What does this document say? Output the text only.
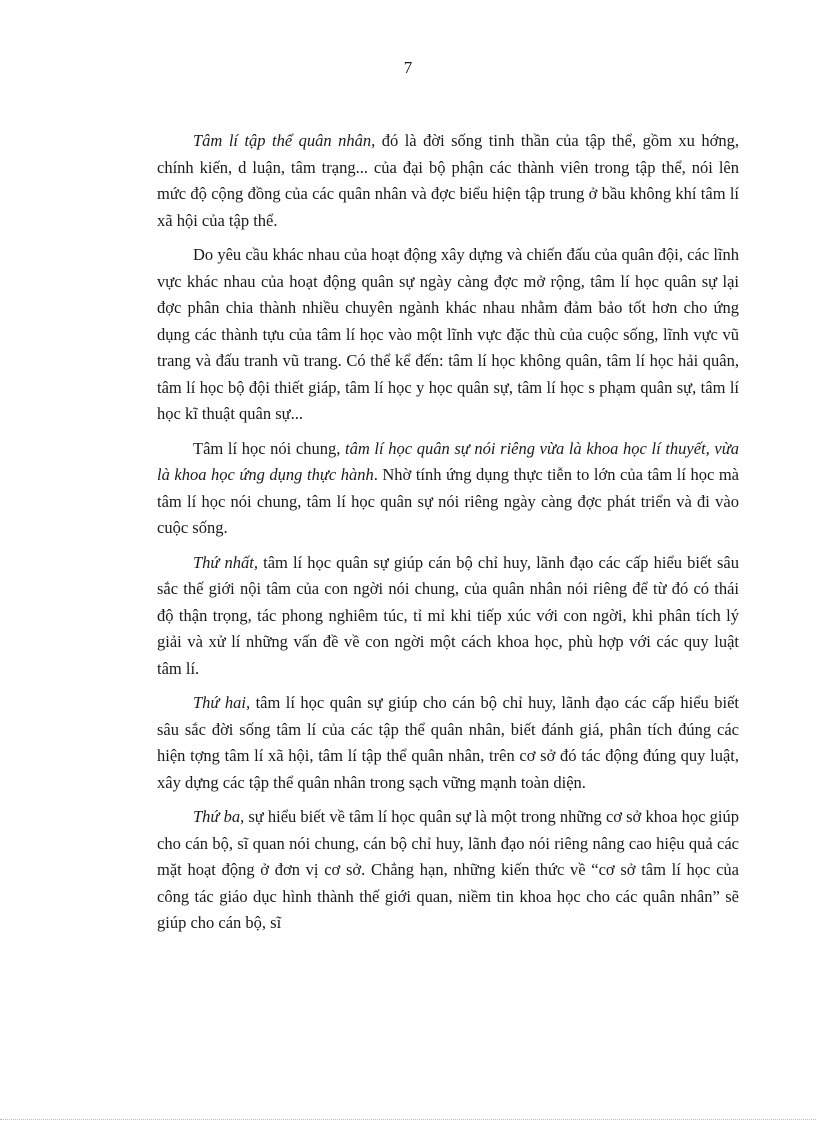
7

Tâm lí tập thể quân nhân, đó là đời sống tinh thần của tập thể, gồm xu hớng, chính kiến, d luận, tâm trạng... của đại bộ phận các thành viên trong tập thể, nói lên mức độ cộng đồng của các quân nhân và đợc biểu hiện tập trung ở bầu không khí tâm lí xã hội của tập thể.

Do yêu cầu khác nhau của hoạt động xây dựng và chiến đấu của quân đội, các lĩnh vực khác nhau của hoạt động quân sự ngày càng đợc mở rộng, tâm lí học quân sự lại đợc phân chia thành nhiều chuyên ngành khác nhau nhằm đảm bảo tốt hơn cho ứng dụng các thành tựu của tâm lí học vào một lĩnh vực đặc thù của cuộc sống, lĩnh vực vũ trang và đấu tranh vũ trang. Có thể kể đến: tâm lí học không quân, tâm lí học hải quân, tâm lí học bộ đội thiết giáp, tâm lí học y học quân sự, tâm lí học s phạm quân sự, tâm lí học kĩ thuật quân sự...

Tâm lí học nói chung, tâm lí học quân sự nói riêng vừa là khoa học lí thuyết, vừa là khoa học ứng dụng thực hành. Nhờ tính ứng dụng thực tiễn to lớn của tâm lí học mà tâm lí học nói chung, tâm lí học quân sự nói riêng ngày càng đợc phát triển và đi vào cuộc sống.

Thứ nhất, tâm lí học quân sự giúp cán bộ chỉ huy, lãnh đạo các cấp hiểu biết sâu sắc thế giới nội tâm của con ngời nói chung, của quân nhân nói riêng để từ đó có thái độ thận trọng, tác phong nghiêm túc, tỉ mỉ khi tiếp xúc với con ngời, khi phân tích lý giải và xử lí những vấn đề về con ngời một cách khoa học, phù hợp với các quy luật tâm lí.

Thứ hai, tâm lí học quân sự giúp cho cán bộ chỉ huy, lãnh đạo các cấp hiểu biết sâu sắc đời sống tâm lí của các tập thể quân nhân, biết đánh giá, phân tích đúng các hiện tợng tâm lí xã hội, tâm lí tập thể quân nhân, trên cơ sở đó tác động đúng quy luật, xây dựng các tập thể quân nhân trong sạch vững mạnh toàn diện.

Thứ ba, sự hiểu biết về tâm lí học quân sự là một trong những cơ sở khoa học giúp cho cán bộ, sĩ quan nói chung, cán bộ chỉ huy, lãnh đạo nói riêng nâng cao hiệu quả các mặt hoạt động ở đơn vị cơ sở. Chẳng hạn, những kiến thức về “cơ sở tâm lí học của công tác giáo dục hình thành thế giới quan, niềm tin khoa học cho các quân nhân” sẽ giúp cho cán bộ, sĩ
